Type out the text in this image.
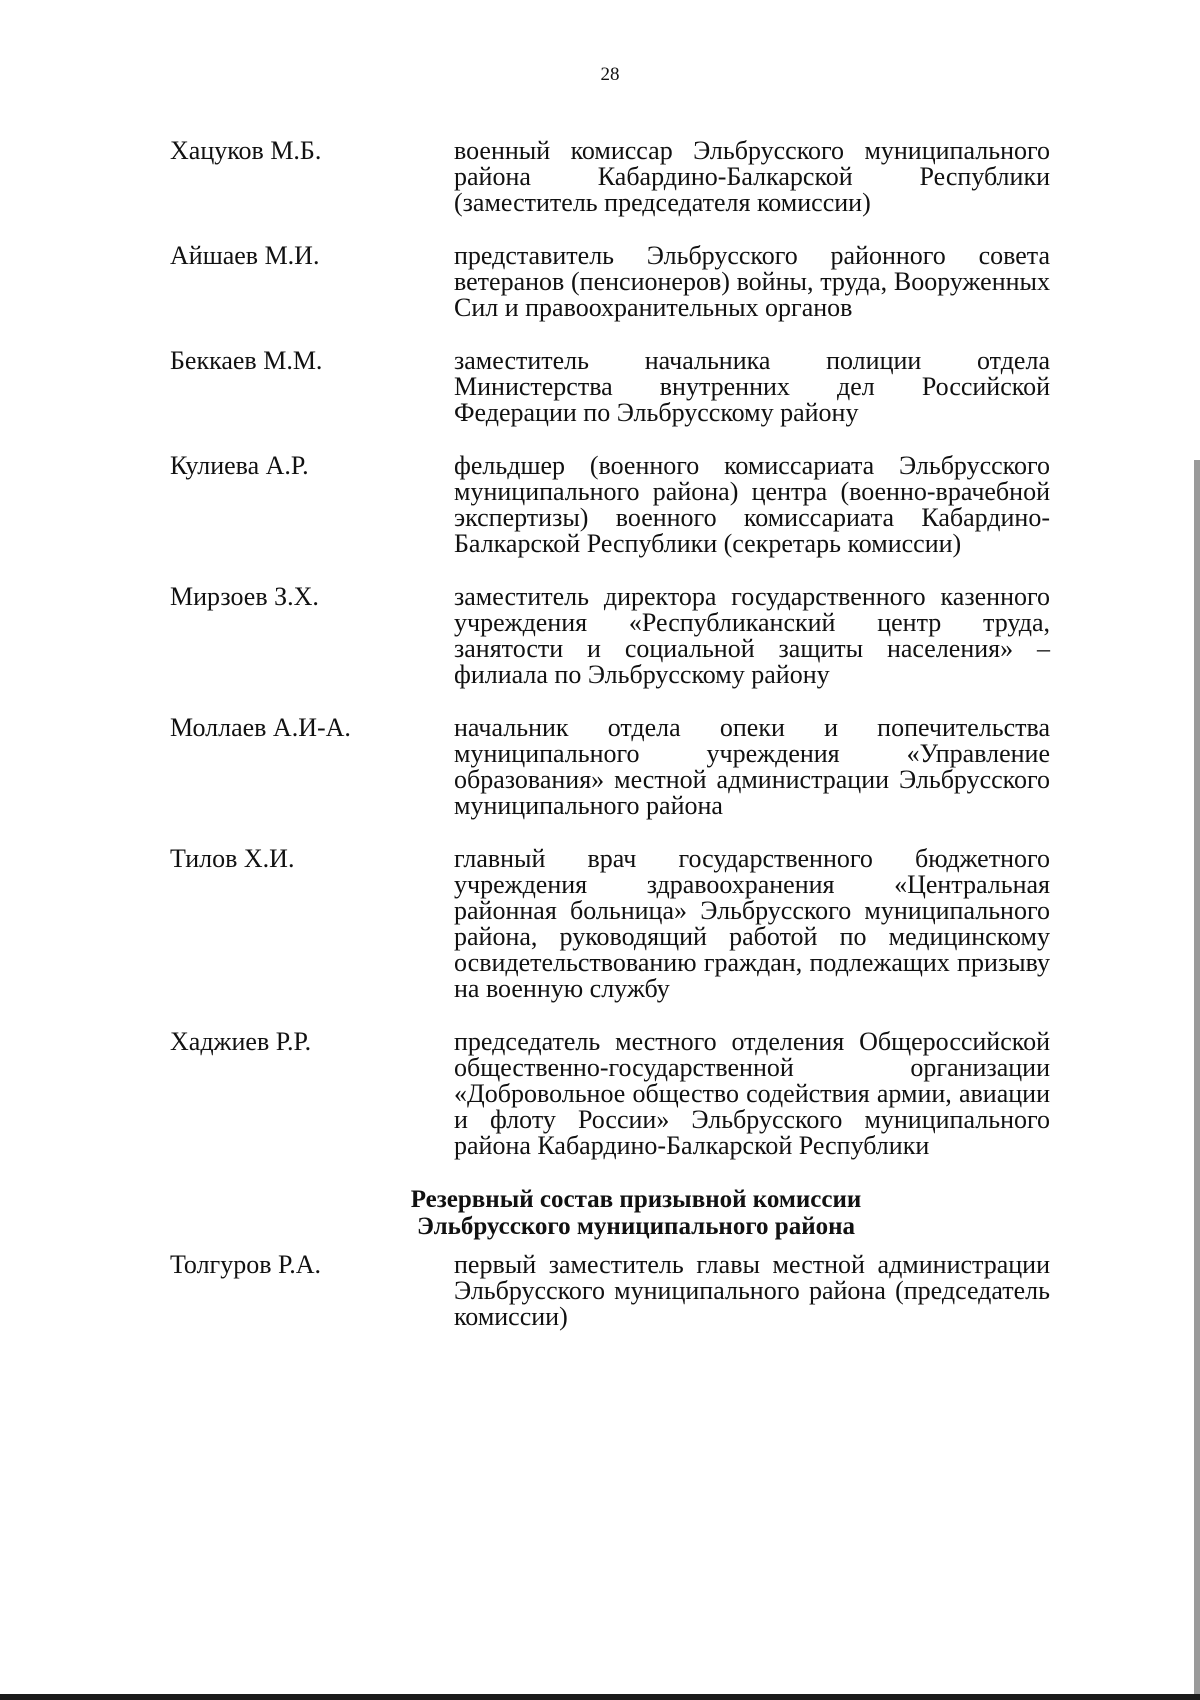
28
Хацуков М.Б.	военный комиссар Эльбрусского муниципального района Кабардино-Балкарской Республики (заместитель председателя комиссии)
Айшаев М.И.	представитель Эльбрусского районного совета ветеранов (пенсионеров) войны, труда, Вооруженных Сил и правоохранительных органов
Беккаев М.М.	заместитель начальника полиции отдела Министерства внутренних дел Российской Федерации по Эльбрусскому району
Кулиева А.Р.	фельдшер (военного комиссариата Эльбрусского муниципального района) центра (военно-врачебной экспертизы) военного комиссариата Кабардино-Балкарской Республики (секретарь комиссии)
Мирзоев З.Х.	заместитель директора государственного казенного учреждения «Республиканский центр труда, занятости и социальной защиты населения» – филиала по Эльбрусскому району
Моллаев А.И-А.	начальник отдела опеки и попечительства муниципального учреждения «Управление образования» местной администрации Эльбрусского муниципального района
Тилов Х.И.	главный врач государственного бюджетного учреждения здравоохранения «Центральная районная больница» Эльбрусского муниципального района, руководящий работой по медицинскому освидетельствованию граждан, подлежащих призыву на военную службу
Хаджиев Р.Р.	председатель местного отделения Общероссийской общественно-государственной организации «Добровольное общество содействия армии, авиации и флоту России» Эльбрусского муниципального района Кабардино-Балкарской Республики
Резервный состав призывной комиссии
Эльбрусского муниципального района
Толгуров Р.А.	первый заместитель главы местной администрации Эльбрусского муниципального района (председатель комиссии)
